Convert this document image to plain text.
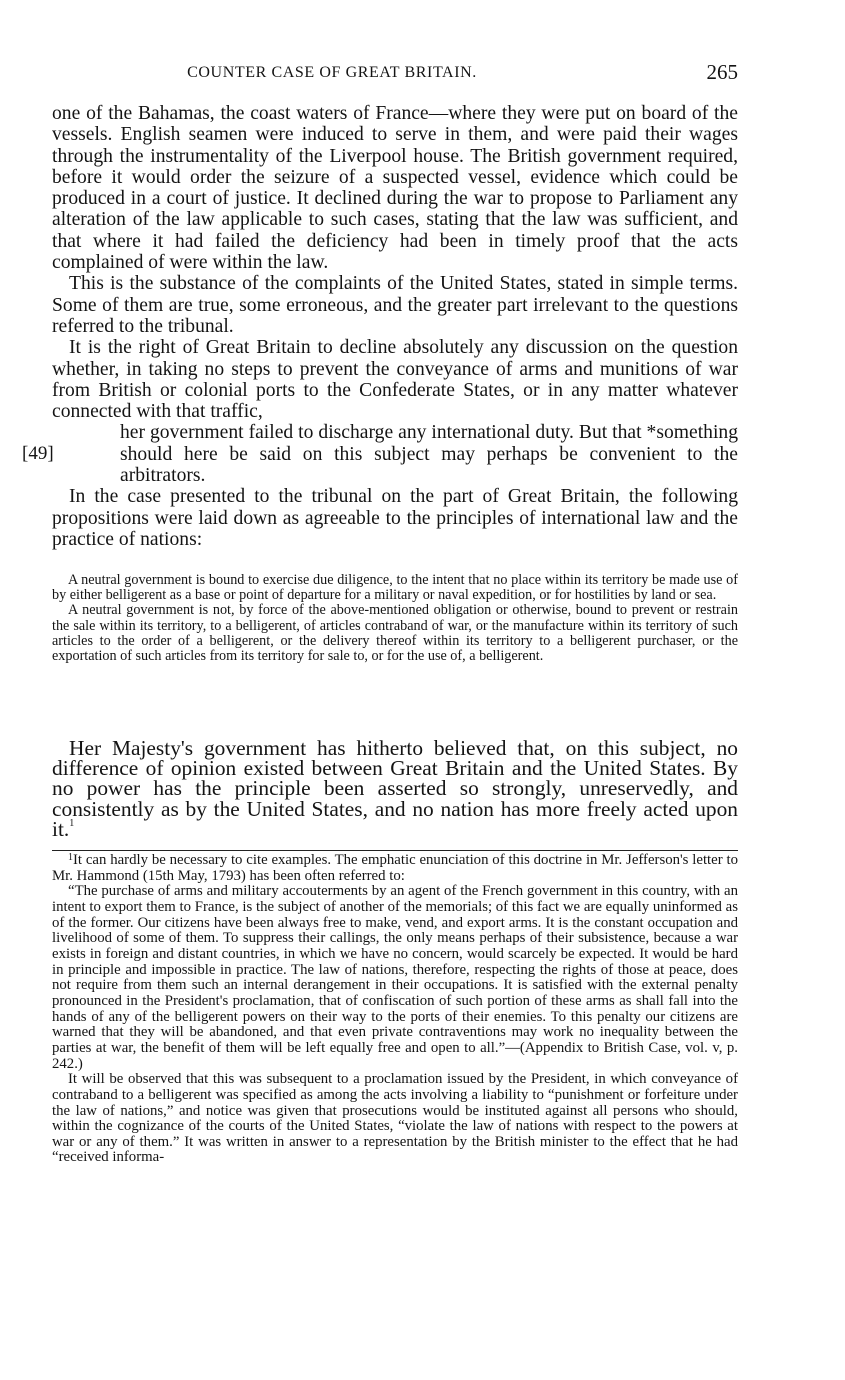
COUNTER CASE OF GREAT BRITAIN.	265

one of the Bahamas, the coast waters of France—where they were put on board of the vessels. English seamen were induced to serve in them, and were paid their wages through the instrumentality of the Liverpool house. The British government required, before it would order the seizure of a suspected vessel, evidence which could be produced in a court of justice. It declined during the war to propose to Parliament any alteration of the law applicable to such cases, stating that the law was sufficient, and that where it had failed the deficiency had been in timely proof that the acts complained of were within the law.

This is the substance of the complaints of the United States, stated in simple terms. Some of them are true, some erroneous, and the greater part irrelevant to the questions referred to the tribunal.

It is the right of Great Britain to decline absolutely any discussion on the question whether, in taking no steps to prevent the conveyance of arms and munitions of war from British or colonial ports to the Confederate States, or in any matter whatever connected with that traffic,

[49]

her government failed to discharge any international duty. But that *something should here be said on this subject may perhaps be convenient to the arbitrators.

In the case presented to the tribunal on the part of Great Britain, the following propositions were laid down as agreeable to the principles of international law and the practice of nations:

A neutral government is bound to exercise due diligence, to the intent that no place within its territory be made use of by either belligerent as a base or point of departure for a military or naval expedition, or for hostilities by land or sea.

A neutral government is not, by force of the above-mentioned obligation or otherwise, bound to prevent or restrain the sale within its territory, to a belligerent, of articles contraband of war, or the manufacture within its territory of such articles to the order of a belligerent, or the delivery thereof within its territory to a belligerent purchaser, or the exportation of such articles from its territory for sale to, or for the use of, a belligerent.

Her Majesty's government has hitherto believed that, on this subject, no difference of opinion existed between Great Britain and the United States. By no power has the principle been asserted so strongly, unreservedly, and consistently as by the United States, and no nation has more freely acted upon it.$^1$

$^1$It can hardly be necessary to cite examples. The emphatic enunciation of this doctrine in Mr. Jefferson's letter to Mr. Hammond (15th May, 1793) has been often referred to:

“The purchase of arms and military accouterments by an agent of the French government in this country, with an intent to export them to France, is the subject of another of the memorials; of this fact we are equally uninformed as of the former. Our citizens have been always free to make, vend, and export arms. It is the constant occupation and livelihood of some of them. To suppress their callings, the only means perhaps of their subsistence, because a war exists in foreign and distant countries, in which we have no concern, would scarcely be expected. It would be hard in principle and impossible in practice. The law of nations, therefore, respecting the rights of those at peace, does not require from them such an internal derangement in their occupations. It is satisfied with the external penalty pronounced in the President's proclamation, that of confiscation of such portion of these arms as shall fall into the hands of any of the belligerent powers on their way to the ports of their enemies. To this penalty our citizens are warned that they will be abandoned, and that even private contraventions may work no inequality between the parties at war, the benefit of them will be left equally free and open to all.”—(Appendix to British Case, vol. v, p. 242.)

It will be observed that this was subsequent to a proclamation issued by the President, in which conveyance of contraband to a belligerent was specified as among the acts involving a liability to “punishment or forfeiture under the law of nations,” and notice was given that prosecutions would be instituted against all persons who should, within the cognizance of the courts of the United States, “violate the law of nations with respect to the powers at war or any of them.” It was written in answer to a representation by the British minister to the effect that he had “received informa-
